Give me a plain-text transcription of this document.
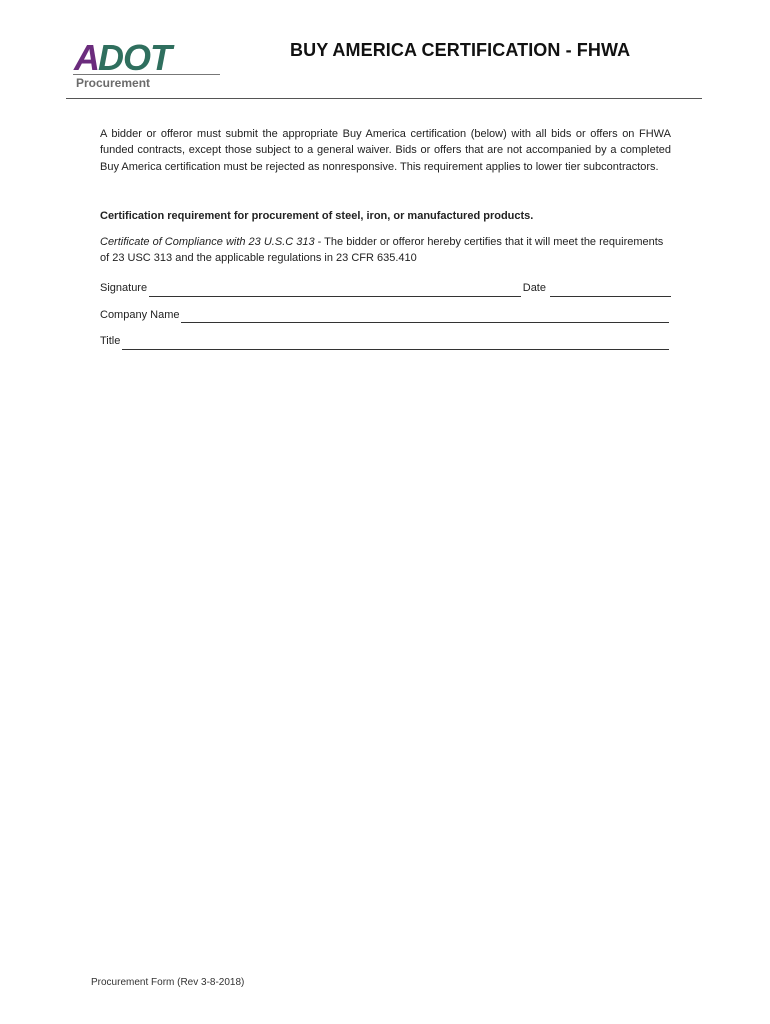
A DOT
Procurement
BUY AMERICA CERTIFICATION - FHWA

A bidder or offeror must submit the appropriate Buy America certification (below) with all bids or offers on FHWA funded contracts, except those subject to a general waiver. Bids or offers that are not accompanied by a completed Buy America certification must be rejected as nonresponsive. This requirement applies to lower tier subcontractors.

Certification requirement for procurement of steel, iron, or manufactured products.

Certificate of Compliance with 23 U.S.C 313 - The bidder or offeror hereby certifies that it will meet the requirements of 23 USC 313 and the applicable regulations in 23 CFR 635.410

Signature	Date
Company Name
Title
Procurement Form (Rev 3-8-2018)
